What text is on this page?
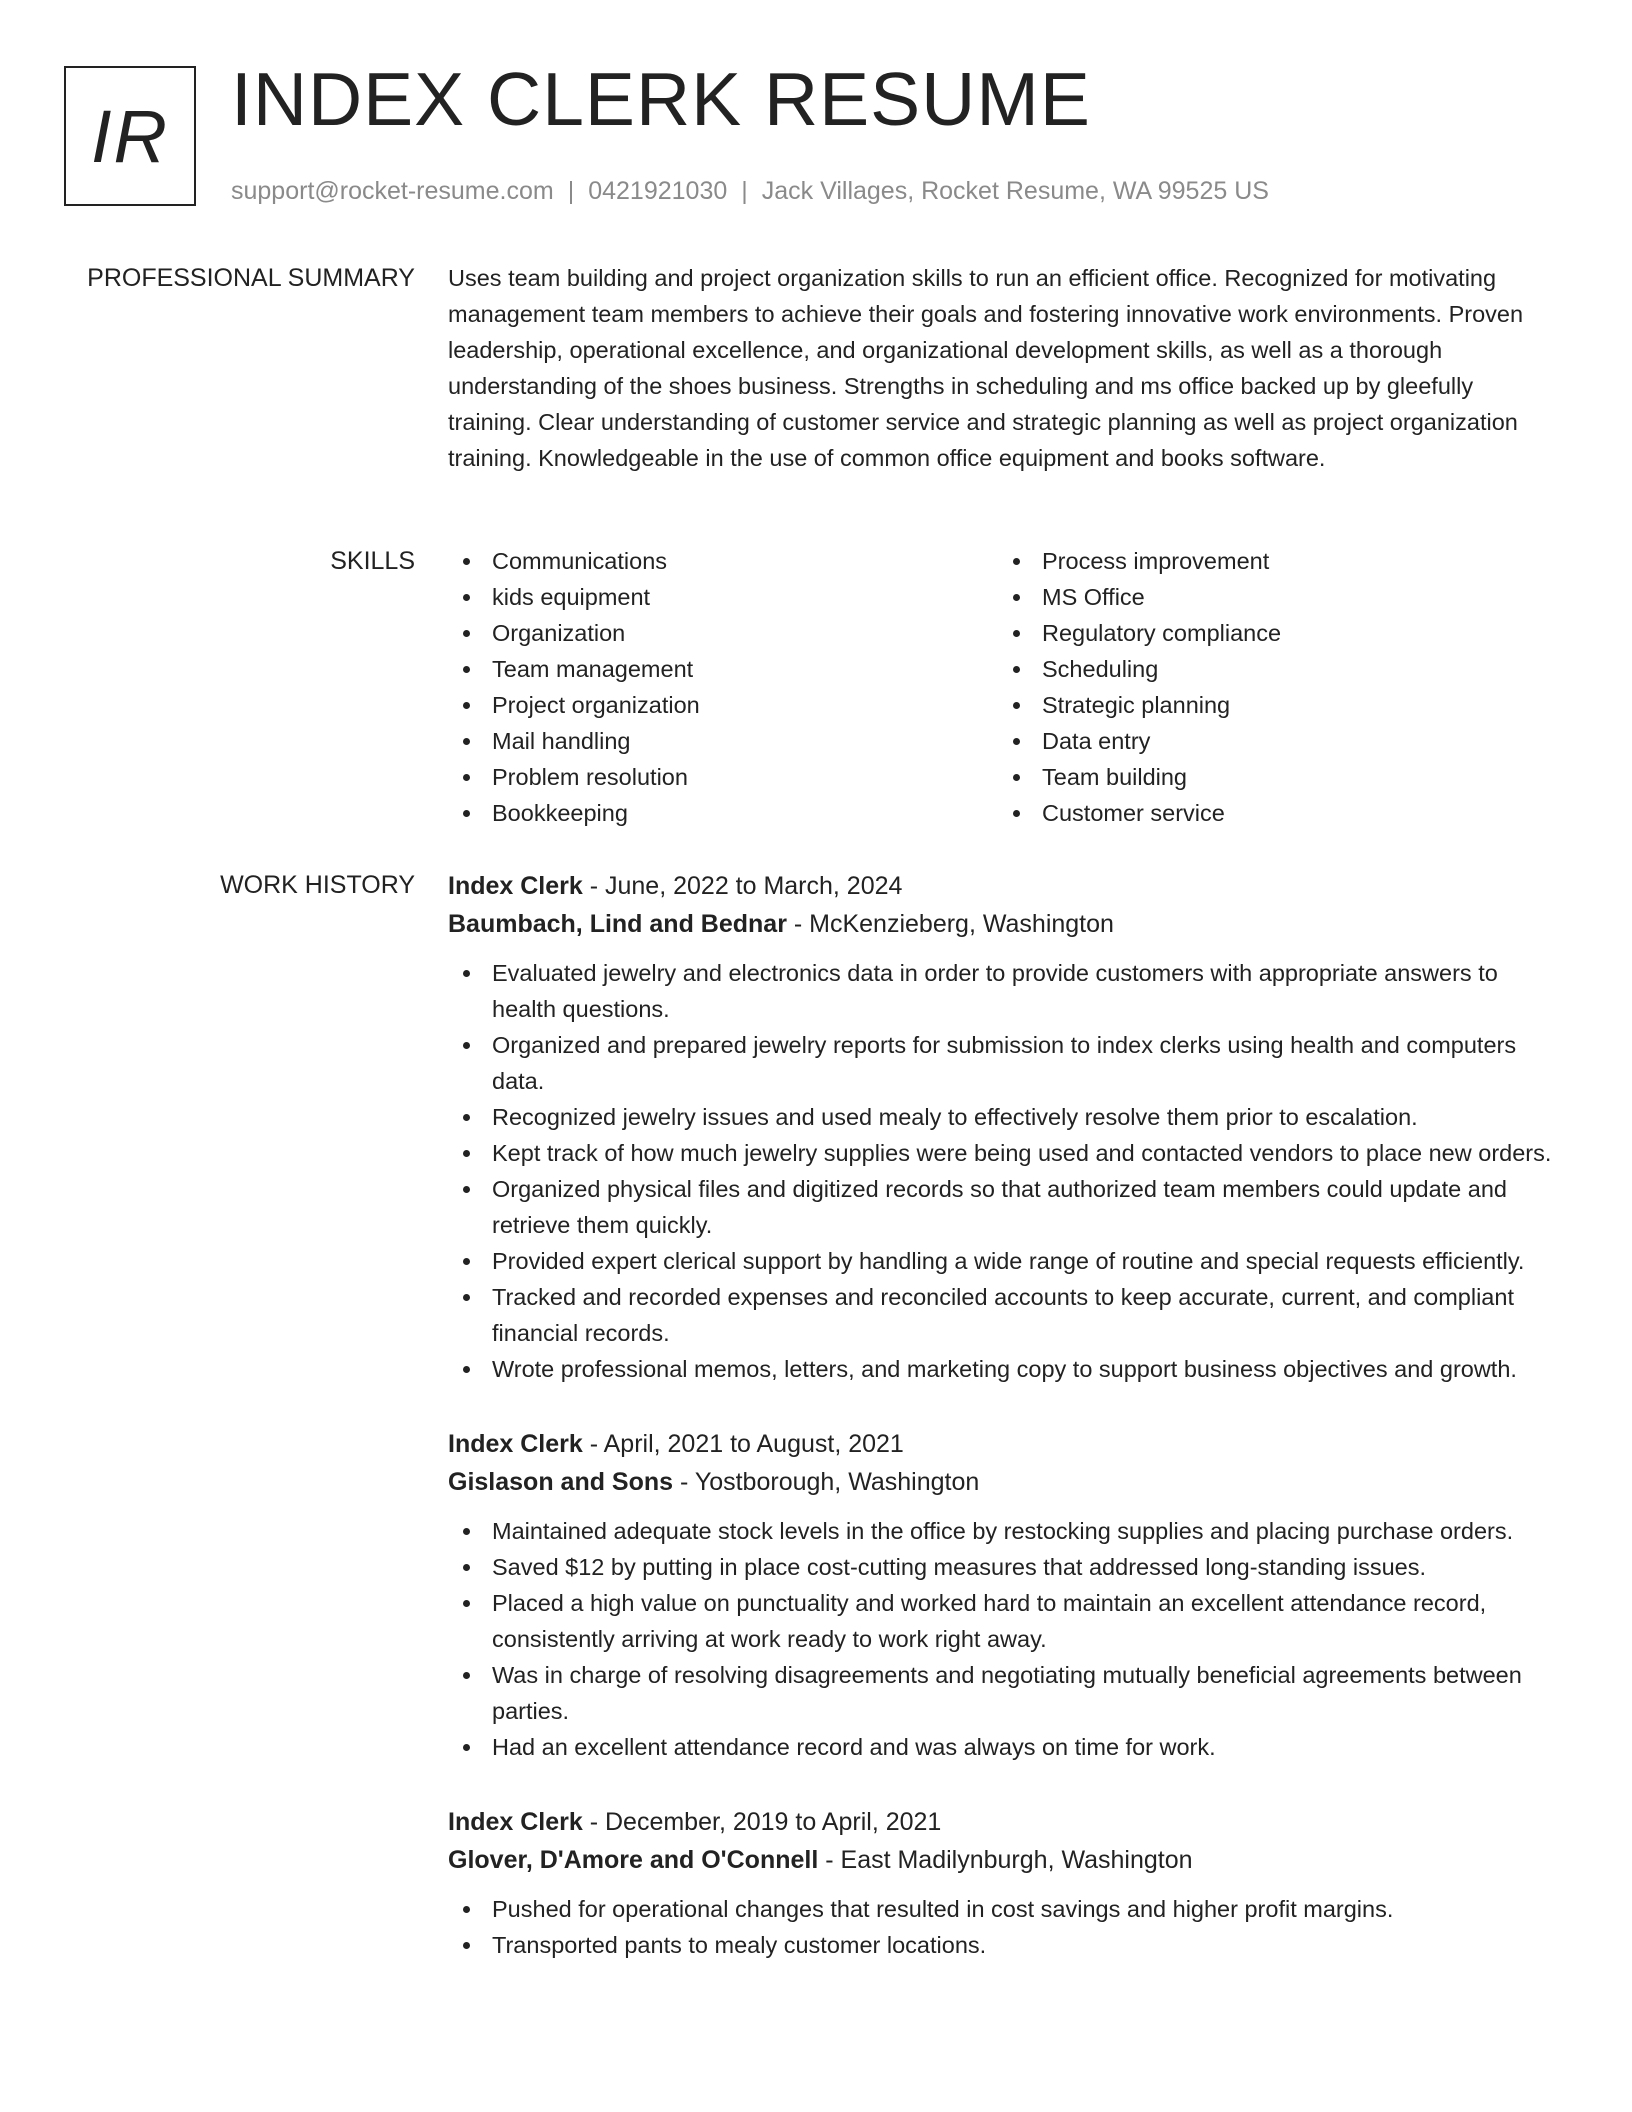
IR INDEX CLERK RESUME
support@rocket-resume.com | 0421921030 | Jack Villages, Rocket Resume, WA 99525 US
PROFESSIONAL SUMMARY Uses team building and project organization skills to run an efficient office. Recognized for motivating management team members to achieve their goals and fostering innovative work environments. Proven leadership, operational excellence, and organizational development skills, as well as a thorough understanding of the shoes business. Strengths in scheduling and ms office backed up by gleefully training. Clear understanding of customer service and strategic planning as well as project organization training. Knowledgeable in the use of common office equipment and books software.

SKILLS	Communications
kids equipment
Organization
Team management
Project organization
Mail handling
Problem resolution
Bookkeeping
Process improvement
MS Office
Regulatory compliance
Scheduling
Strategic planning
Data entry
Team building
Customer service
WORK HISTORY Index Clerk - June, 2022 to March, 2024
Baumbach, Lind and Bednar - McKenzieberg, Washington
Evaluated jewelry and electronics data in order to provide customers with appropriate answers to health questions.
Organized and prepared jewelry reports for submission to index clerks using health and computers data.
Recognized jewelry issues and used mealy to effectively resolve them prior to escalation.
Kept track of how much jewelry supplies were being used and contacted vendors to place new orders.
Organized physical files and digitized records so that authorized team members could update and retrieve them quickly.
Provided expert clerical support by handling a wide range of routine and special requests efficiently.
Tracked and recorded expenses and reconciled accounts to keep accurate, current, and compliant financial records.
Wrote professional memos, letters, and marketing copy to support business objectives and growth.
Index Clerk - April, 2021 to August, 2021
Gislason and Sons - Yostborough, Washington
Maintained adequate stock levels in the office by restocking supplies and placing purchase orders.
Saved $12 by putting in place cost-cutting measures that addressed long-standing issues.
Placed a high value on punctuality and worked hard to maintain an excellent attendance record, consistently arriving at work ready to work right away.
Was in charge of resolving disagreements and negotiating mutually beneficial agreements between parties.
Had an excellent attendance record and was always on time for work.
Index Clerk - December, 2019 to April, 2021
Glover, D'Amore and O'Connell - East Madilynburgh, Washington
Pushed for operational changes that resulted in cost savings and higher profit margins.
Transported pants to mealy customer locations.
